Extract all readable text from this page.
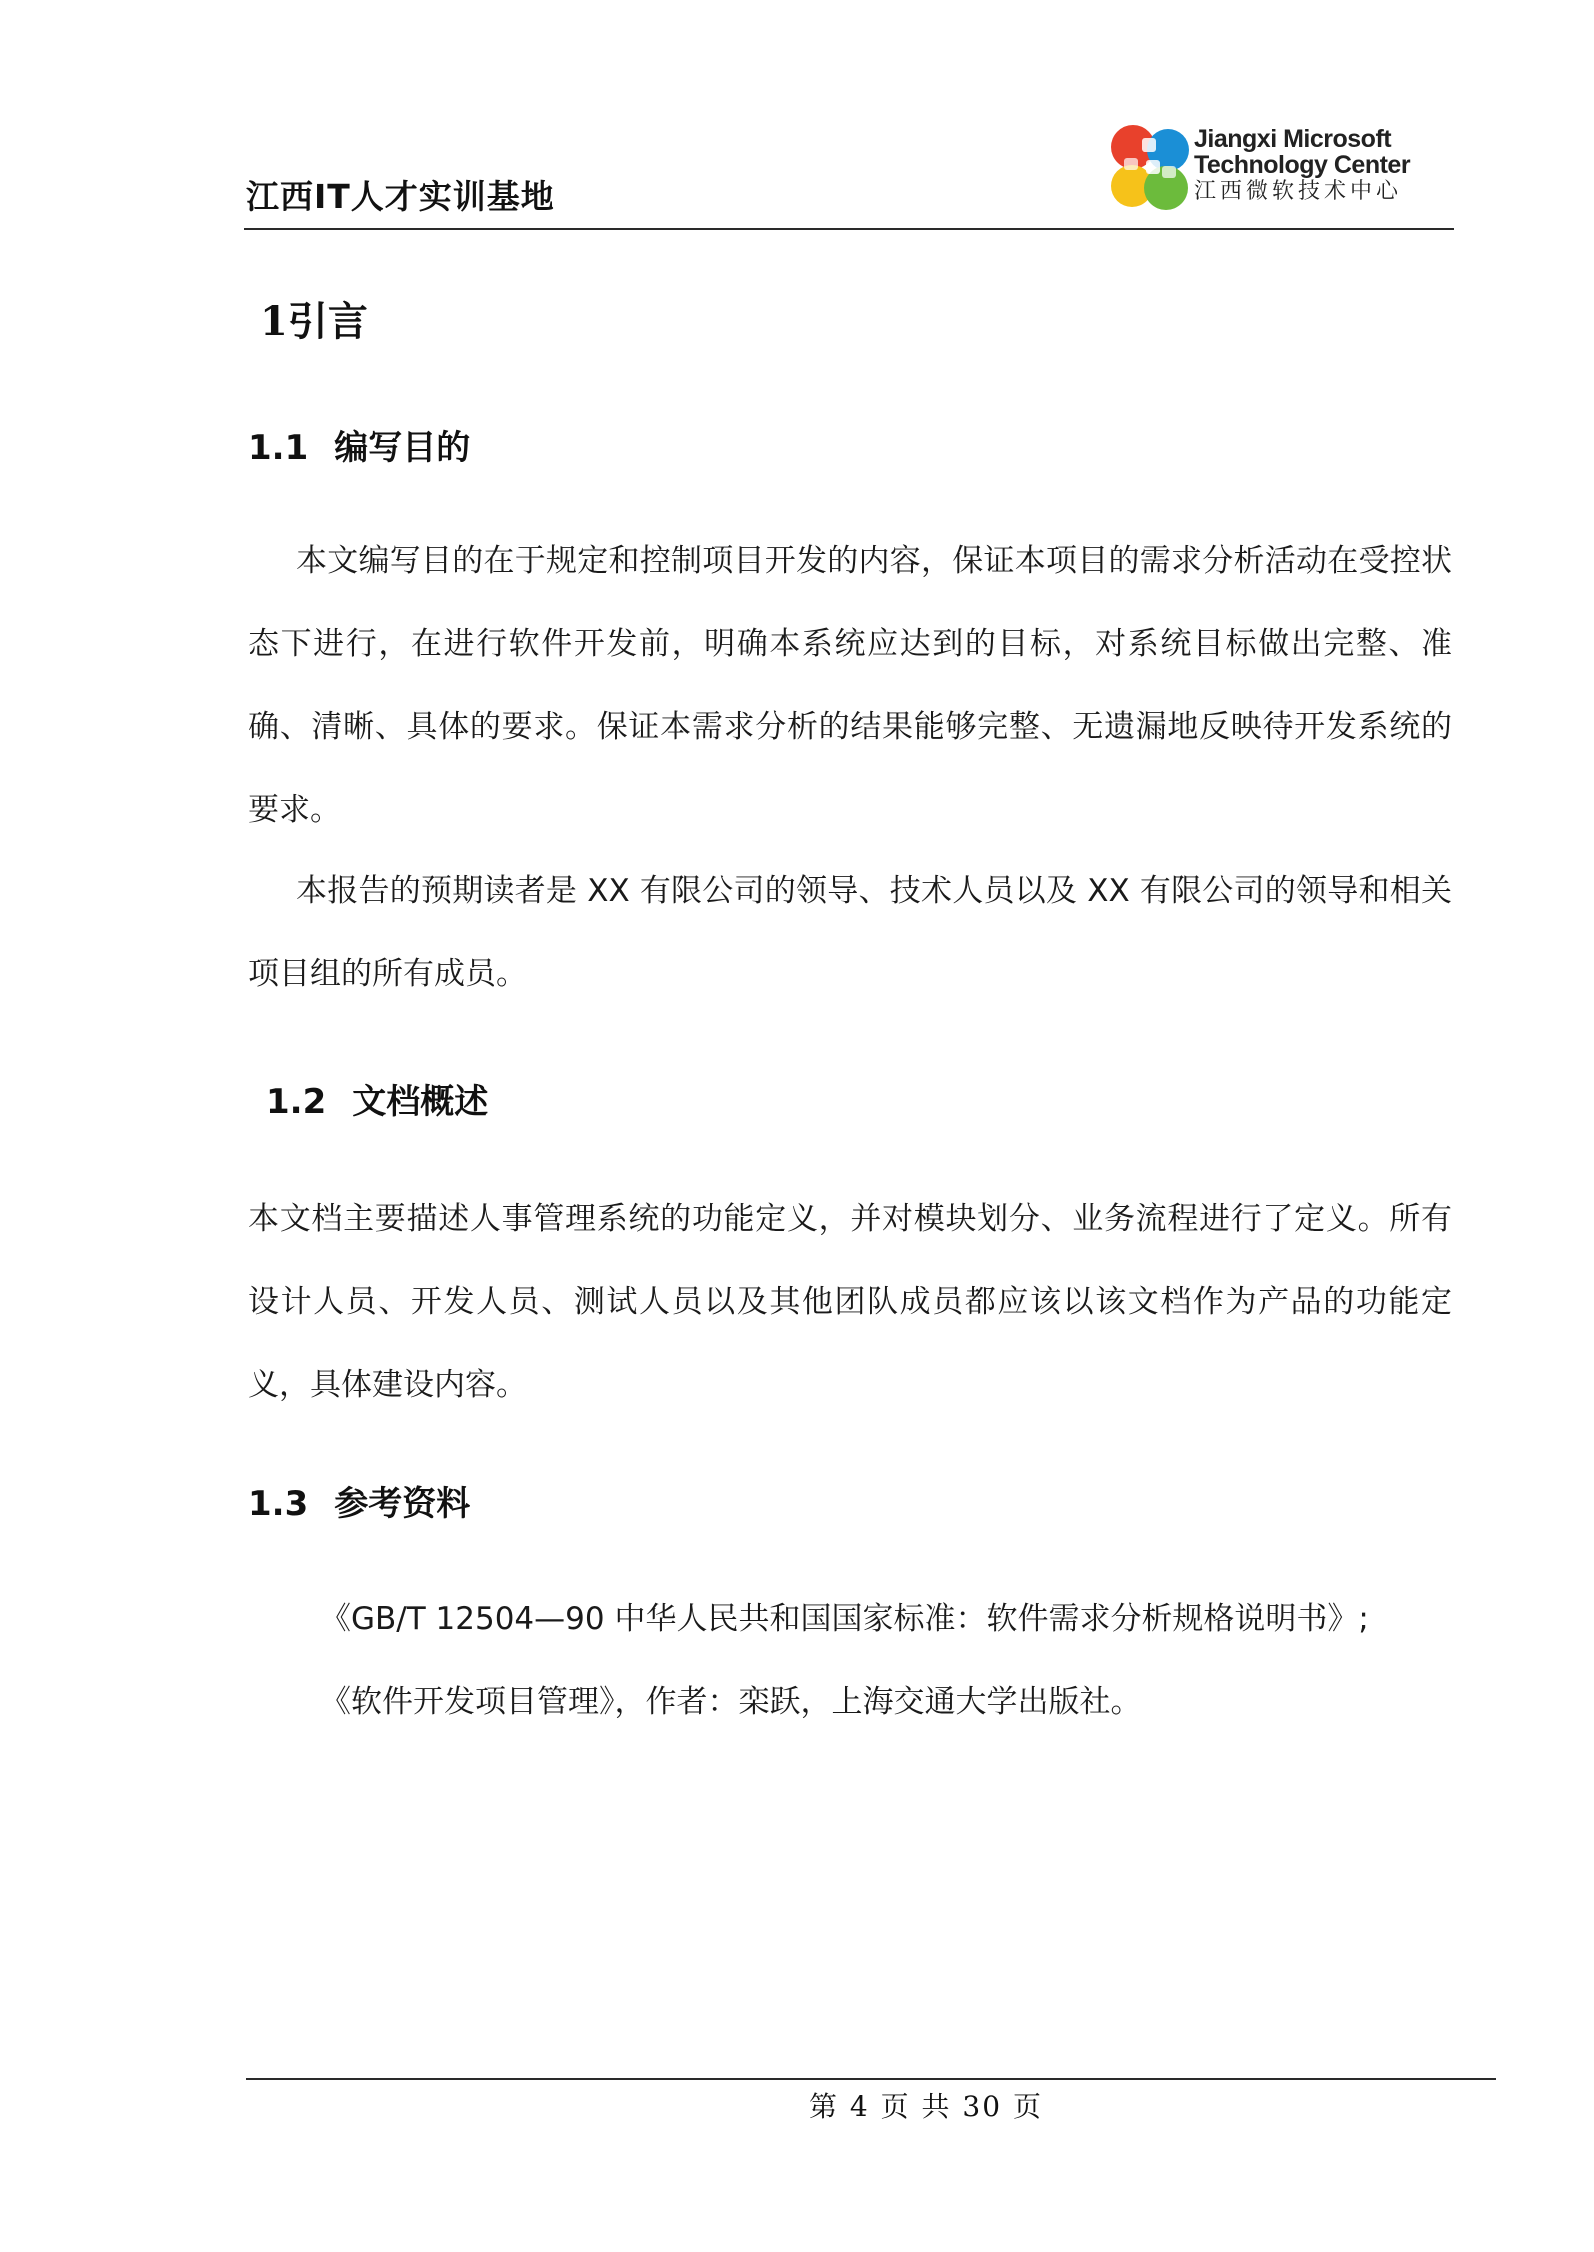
江西IT人才实训基地
Jiangxi Microsoft
Technology Center
江西微软技术中心
1引言
1.1 编写目的

本文编写目的在于规定和控制项目开发的内容，保证本项目的需求分析活动在受控状态下进行，在进行软件开发前，明确本系统应达到的目标，对系统目标做出完整、准确、清晰、具体的要求。保证本需求分析的结果能够完整、无遗漏地反映待开发系统的要求。

本报告的预期读者是 XX 有限公司的领导、技术人员以及 XX 有限公司的领导和相关项目组的所有成员。

1.2 文档概述

本文档主要描述人事管理系统的功能定义，并对模块划分、业务流程进行了定义。所有设计人员、开发人员、测试人员以及其他团队成员都应该以该文档作为产品的功能定义，具体建设内容。

1.3 参考资料
《GB/T 12504—90 中华人民共和国国家标准：软件需求分析规格说明书》;
《软件开发项目管理》，作者：栾跃，上海交通大学出版社。
第 4 页 共 30 页
